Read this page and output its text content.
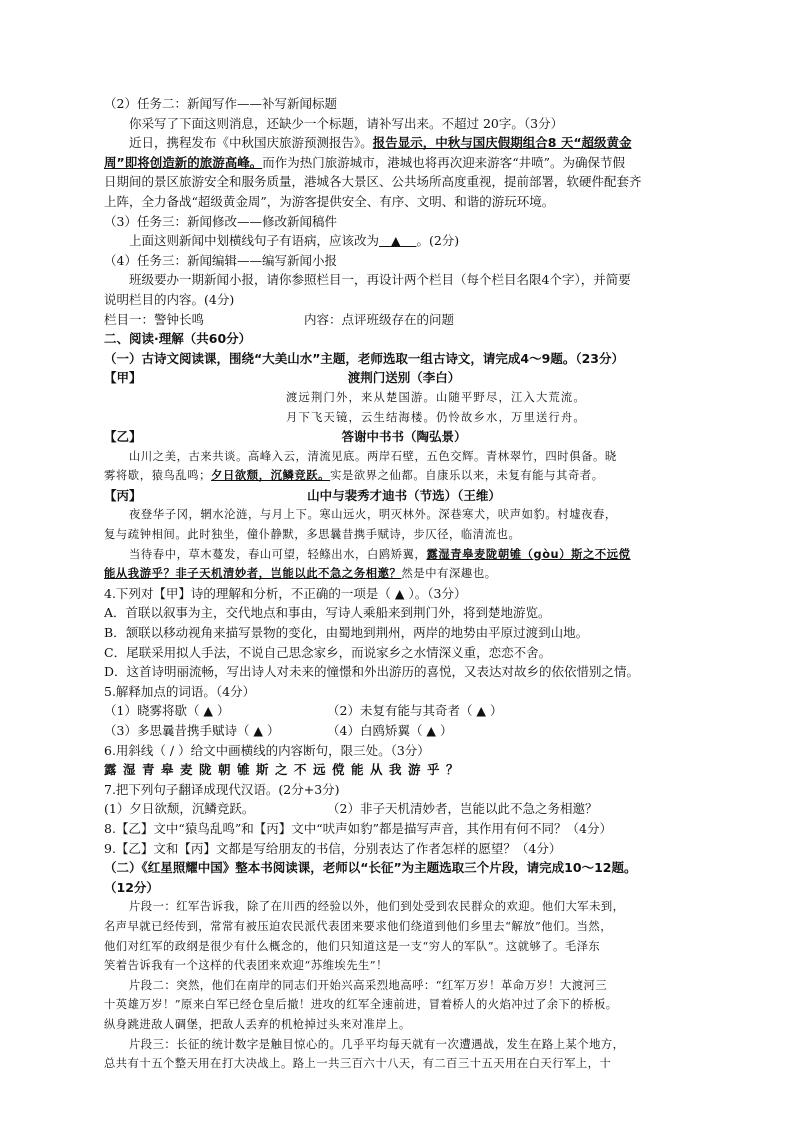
（2）任务二：新闻写作——补写新闻标题
你采写了下面这则消息，还缺少一个标题，请补写出来。不超过 20字。（3分）
近日，携程发布《中秋国庆旅游预测报告》。报告显示，中秋与国庆假期组合8 天“超级黄金
周”即将创造新的旅游高峰。而作为热门旅游城市，港城也将再次迎来游客“井喷”。为确保节假
日期间的景区旅游安全和服务质量，港城各大景区、公共场所高度重视，提前部署，软硬件配套齐
上阵，全力备战“超级黄金周”，为游客提供安全、有序、文明、和谐的游玩环境。
（3）任务三：新闻修改——修改新闻稿件
上面这则新闻中划横线句子有语病，应该改为 ▲ 。(2分)
（4）任务三：新闻编辑——编写新闻小报
班级要办一期新闻小报，请你参照栏目一，再设计两个栏目（每个栏目名限4个字），并简要
说明栏目的内容。(4分)
栏目一：警钟长鸣	内容：点评班级存在的问题
二、阅读·理解（共60分）
（一）古诗文阅读课，围绕“大美山水”主题，老师选取一组古诗文，请完成4～9题。（23分）
【甲】	渡荆门送别（李白）
渡远荆门外，来从楚国游。山随平野尽，江入大荒流。
月下飞天镜，云生结海楼。仍怜故乡水，万里送行舟。
【乙】	答谢中书书（陶弘景）
山川之美，古来共谈。高峰入云，清流见底。两岸石壁，五色交辉。青林翠竹，四时俱备。晓
雾将歇，猿鸟乱鸣；夕日欲颓，沉鳞竞跃。实是欲界之仙都。自康乐以来，未复有能与其奇者。
【丙】	山中与裴秀才迪书（节选）（王维）
夜登华子冈，辋水沦涟，与月上下。寒山远火，明灭林外。深巷寒犬，吠声如豹。村墟夜舂，
复与疏钟相间。此时独坐，僮仆静默，多思曩昔携手赋诗，步仄径，临清流也。
当待春中，草木蔓发，春山可望，轻鲦出水，白鸥矫翼，露湿青皋麦陇朝雊（gòu）斯之不远傥
能从我游乎？非子天机清妙者，岂能以此不急之务相邀？然是中有深趣也。
4.下列对【甲】诗的理解和分析，不正确的一项是（ ▲ ）。（3分）
A．首联以叙事为主，交代地点和事由，写诗人乘船来到荆门外，将到楚地游览。
B．颔联以移动视角来描写景物的变化，由蜀地到荆州，两岸的地势由平原过渡到山地。
C．尾联采用拟人手法，不说自己思念家乡，而说家乡之水情深义重，恋恋不舍。
D．这首诗明丽流畅，写出诗人对未来的憧憬和外出游历的喜悦，又表达对故乡的依依惜别之情。
5.解释加点的词语。（4分）
（1）晓雾将歇（ ▲ ）	（2）未复有能与其奇者（ ▲ ）
（3）多思曩昔携手赋诗（ ▲ ）	（4）白鸥矫翼（ ▲ ）
6.用斜线（ / ）给文中画横线的内容断句，限三处。（3分）
露湿青皋麦陇朝雊斯之不远傥能从我游乎？
7.把下列句子翻译成现代汉语。(2分+3分)
(1）夕日欲颓，沉鳞竞跃。	（2）非子天机清妙者，岂能以此不急之务相邀？
8.【乙】文中“猿鸟乱鸣”和【丙】文中“吠声如豹”都是描写声音，其作用有何不同？（4分）
9.【乙】文和【丙】文都是写给朋友的书信，分别表达了作者怎样的愿望？（4分）
（二）《红星照耀中国》整本书阅读课，老师以“长征”为主题选取三个片段，请完成10～12题。
（12分）
片段一：红军告诉我，除了在川西的经验以外，他们到处受到农民群众的欢迎。他们大军未到，
名声早就已经传到，常常有被压迫农民派代表团来要求他们绕道到他们乡里去“解放”他们。当然，
他们对红军的政纲是很少有什么概念的，他们只知道这是一支“穷人的军队”。这就够了。毛泽东
笑着告诉我有一个这样的代表团来欢迎“苏维埃先生”！
片段二：突然，他们在南岸的同志们开始兴高采烈地高呼：“红军万岁！革命万岁！大渡河三
十英雄万岁！”原来白军已经仓皇后撤！进攻的红军全速前进，冒着桥人的火焰冲过了余下的桥板。
纵身跳进敌人碉堡，把敌人丢弃的机枪掉过头来对准岸上。
片段三：长征的统计数字是触目惊心的。几乎平均每天就有一次遭遇战，发生在路上某个地方，
总共有十五个整天用在打大决战上。路上一共三百六十八天，有二百三十五天用在白天行军上，十
